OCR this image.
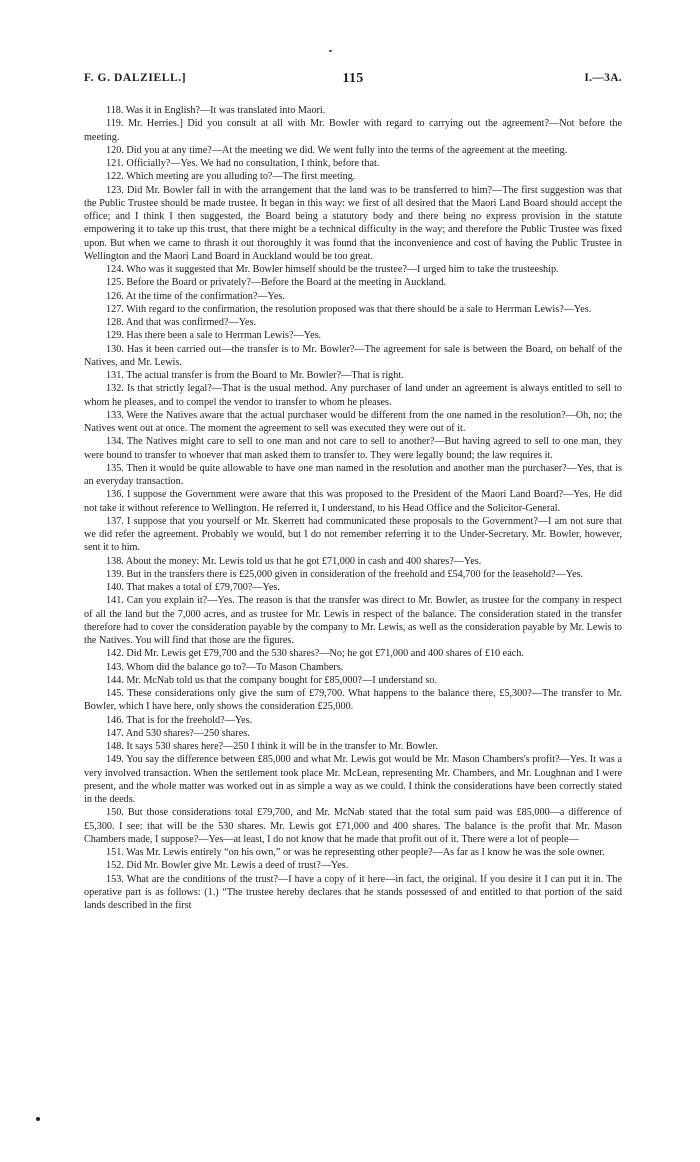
F. G. DALZIELL.]	115	I.—3A.

118. Was it in English?—It was translated into Maori.

119. Mr. Herries.] Did you consult at all with Mr. Bowler with regard to carrying out the agreement?—Not before the meeting.

120. Did you at any time?—At the meeting we did. We went fully into the terms of the agreement at the meeting.

121. Officially?—Yes. We had no consultation, I think, before that.

122. Which meeting are you alluding to?—The first meeting.

123. Did Mr. Bowler fall in with the arrangement that the land was to be transferred to him?—The first suggestion was that the Public Trustee should be made trustee. It began in this way: we first of all desired that the Maori Land Board should accept the office; and I think I then suggested, the Board being a statutory body and there being no express provision in the statute empowering it to take up this trust, that there might be a technical difficulty in the way; and therefore the Public Trustee was fixed upon. But when we came to thrash it out thoroughly it was found that the inconvenience and cost of having the Public Trustee in Wellington and the Maori Land Board in Auckland would be too great.

124. Who was it suggested that Mr. Bowler himself should be the trustee?—I urged him to take the trusteeship.

125. Before the Board or privately?—Before the Board at the meeting in Auckland.

126. At the time of the confirmation?—Yes.

127. With regard to the confirmation, the resolution proposed was that there should be a sale to Herrman Lewis?—Yes.

128. And that was confirmed?—Yes.

129. Has there been a sale to Herrman Lewis?—Yes.

130. Has it been carried out—the transfer is to Mr. Bowler?—The agreement for sale is between the Board, on behalf of the Natives, and Mr. Lewis.

131. The actual transfer is from the Board to Mr. Bowler?—That is right.

132. Is that strictly legal?—That is the usual method. Any purchaser of land under an agreement is always entitled to sell to whom he pleases, and to compel the vendor to transfer to whom he pleases.

133. Were the Natives aware that the actual purchaser would be different from the one named in the resolution?—Oh, no; the Natives went out at once. The moment the agreement to sell was executed they were out of it.

134. The Natives might care to sell to one man and not care to sell to another?—But having agreed to sell to one man, they were bound to transfer to whoever that man asked them to transfer to. They were legally bound; the law requires it.

135. Then it would be quite allowable to have one man named in the resolution and another man the purchaser?—Yes, that is an everyday transaction.

136. I suppose the Government were aware that this was proposed to the President of the Maori Land Board?—Yes. He did not take it without reference to Wellington. He referred it, I understand, to his Head Office and the Solicitor-General.

137. I suppose that you yourself or Mr. Skerrett had communicated these proposals to the Government?—I am not sure that we did refer the agreement. Probably we would, but I do not remember referring it to the Under-Secretary. Mr. Bowler, however, sent it to him.

138. About the money: Mr. Lewis told us that he got £71,000 in cash and 400 shares?—Yes.

139. But in the transfers there is £25,000 given in consideration of the freehold and £54,700 for the leasehold?—Yes.

140. That makes a total of £79,700?—Yes.

141. Can you explain it?—Yes. The reason is that the transfer was direct to Mr. Bowler, as trustee for the company in respect of all the land but the 7,000 acres, and as trustee for Mr. Lewis in respect of the balance. The consideration stated in the transfer therefore had to cover the consideration payable by the company to Mr. Lewis, as well as the consideration payable by Mr. Lewis to the Natives. You will find that those are the figures.

142. Did Mr. Lewis get £79,700 and the 530 shares?—No; he got £71,000 and 400 shares of £10 each.

143. Whom did the balance go to?—To Mason Chambers.

144. Mr. McNab told us that the company bought for £85,000?—I understand so.

145. These considerations only give the sum of £79,700. What happens to the balance there, £5,300?—The transfer to Mr. Bowler, which I have here, only shows the consideration £25,000.

146. That is for the freehold?—Yes.

147. And 530 shares?—250 shares.

148. It says 530 shares here?—250 I think it will be in the transfer to Mr. Bowler.

149. You say the difference between £85,000 and what Mr. Lewis got would be Mr. Mason Chambers's profit?—Yes. It was a very involved transaction. When the settlement took place Mr. McLean, representing Mr. Chambers, and Mr. Loughnan and I were present, and the whole matter was worked out in as simple a way as we could. I think the considerations have been correctly stated in the deeds.

150. But those considerations total £79,700, and Mr. McNab stated that the total sum paid was £85,000—a difference of £5,300. I see: that will be the 530 shares. Mr. Lewis got £71,000 and 400 shares. The balance is the profit that Mr. Mason Chambers made, I suppose?—Yes—at least, I do not know that he made that profit out of it. There were a lot of people—

151. Was Mr. Lewis entirely “on his own,” or was he representing other people?—As far as I know he was the sole owner.

152. Did Mr. Bowler give Mr. Lewis a deed of trust?—Yes.

153. What are the conditions of the trust?—I have a copy of it here—in fact, the original. If you desire it I can put it in. The operative part is as follows: (1.) “The trustee hereby declares that he stands possessed of and entitled to that portion of the said lands described in the first
